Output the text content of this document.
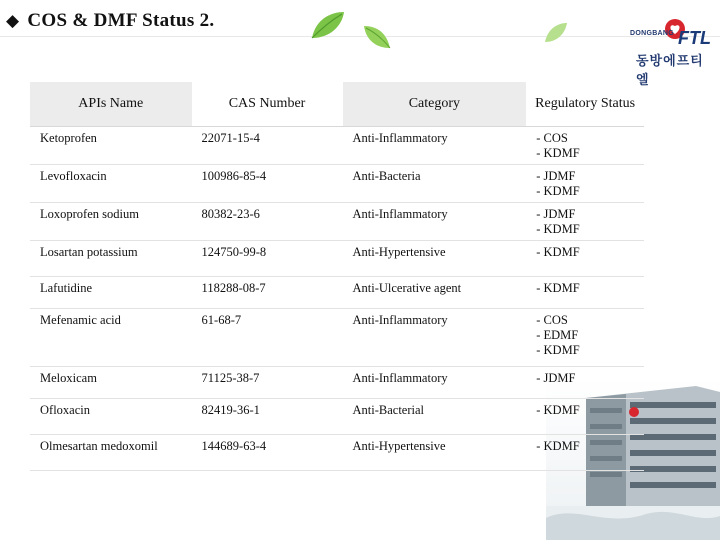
◆ COS & DMF Status 2.
DONGBANG FTL
동방에프티엘
APIs Name	CAS Number	Category	Regulatory Status
Ketoprofen	22071-15-4	Anti-Inflammatory	- COS
- KDMF

Levofloxacin	100986-85-4	Anti-Bacteria	- JDMF
- KDMF

Loxoprofen sodium	80382-23-6	Anti-Inflammatory	- JDMF
- KDMF

Losartan potassium	124750-99-8	Anti-Hypertensive	- KDMF

Lafutidine	118288-08-7	Anti-Ulcerative agent	- KDMF

Mefenamic acid	61-68-7	Anti-Inflammatory	- COS
- EDMF
- KDMF

Meloxicam	71125-38-7	Anti-Inflammatory	- JDMF

Ofloxacin	82419-36-1	Anti-Bacterial	- KDMF

Olmesartan medoxomil	144689-63-4	Anti-Hypertensive	- KDMF
